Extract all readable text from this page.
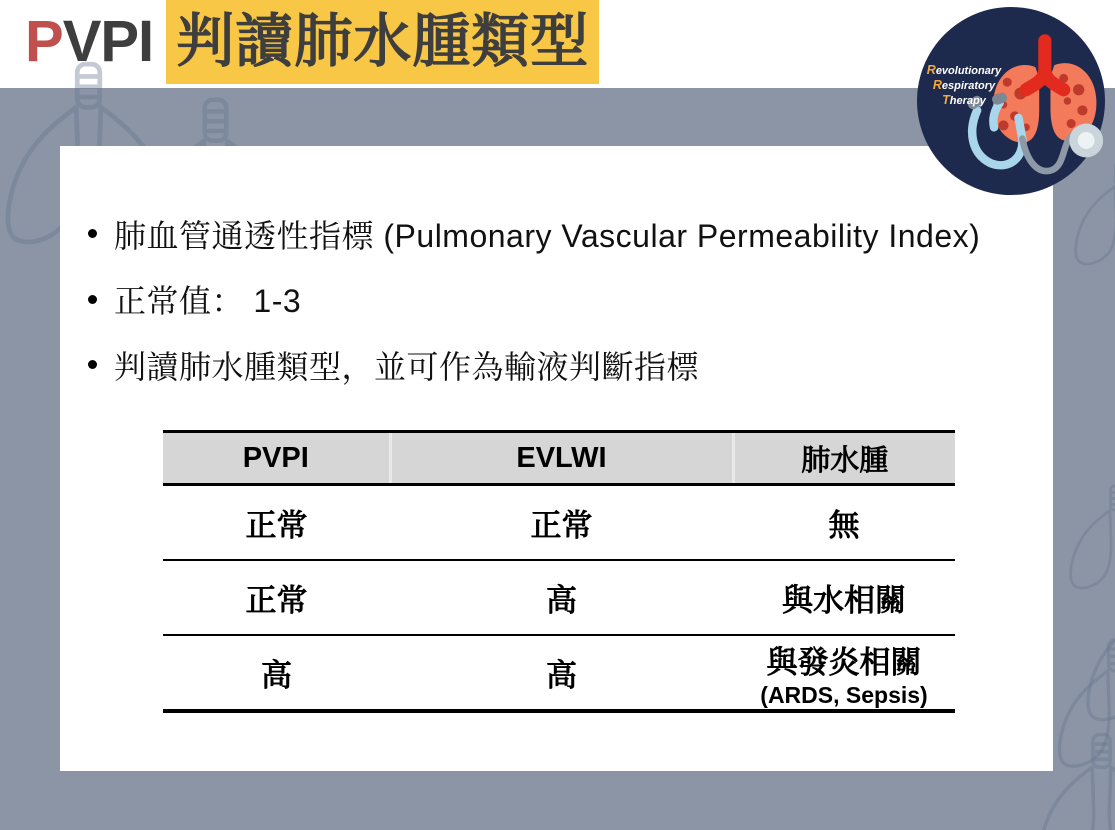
PVPI 判讀肺水腫類型
肺血管通透性指標 (Pulmonary Vascular Permeability Index)
正常值： 1-3
判讀肺水腫類型，並可作為輸液判斷指標
PVPI	EVLWI	肺水腫
正常	正常	無
正常	高	與水相關
高	高	與發炎相關
(ARDS, Sepsis)
Revolutionary
Respiratory
Therapy
